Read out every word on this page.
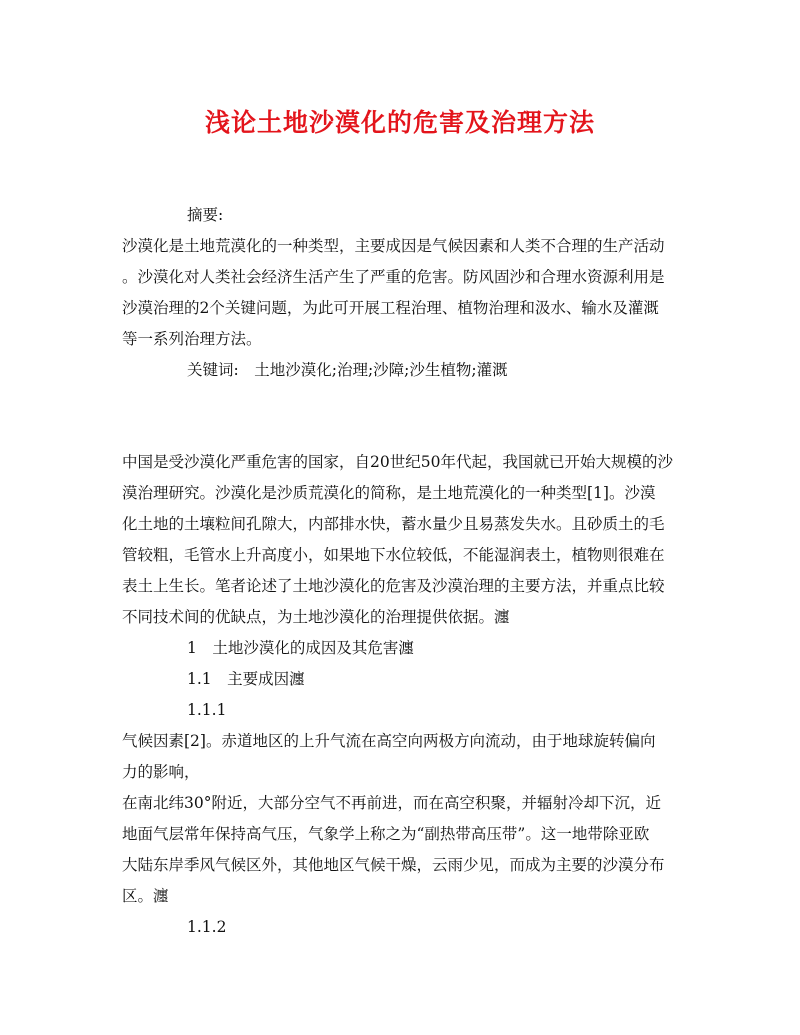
浅论土地沙漠化的危害及治理方法
摘要:
沙漠化是土地荒漠化的一种类型，主要成因是气候因素和人类不合理的生产活动
。沙漠化对人类社会经济生活产生了严重的危害。防风固沙和合理水资源利用是
沙漠治理的2个关键问题，为此可开展工程治理、植物治理和汲水、输水及灌溉
等一系列治理方法。
关键词:　土地沙漠化;治理;沙障;沙生植物;灌溉
中国是受沙漠化严重危害的国家，自20世纪50年代起，我国就已开始大规模的沙
漠治理研究。沙漠化是沙质荒漠化的简称，是土地荒漠化的一种类型[1]。沙漠
化土地的土壤粒间孔隙大，内部排水快，蓄水量少且易蒸发失水。且砂质土的毛
管较粗，毛管水上升高度小，如果地下水位较低，不能湿润表土，植物则很难在
表土上生长。笔者论述了土地沙漠化的危害及沙漠治理的主要方法，并重点比较
不同技术间的优缺点，为土地沙漠化的治理提供依据。瀍
1　土地沙漠化的成因及其危害瀍
1.1　主要成因瀍
1.1.1
气候因素[2]。赤道地区的上升气流在高空向两极方向流动，由于地球旋转偏向
力的影响，
在南北纬30°附近，大部分空气不再前进，而在高空积聚，并辐射冷却下沉，近
地面气层常年保持高气压，气象学上称之为“副热带高压带”。这一地带除亚欧
大陆东岸季风气候区外，其他地区气候干燥，云雨少见，而成为主要的沙漠分布
区。瀍
1.1.2
